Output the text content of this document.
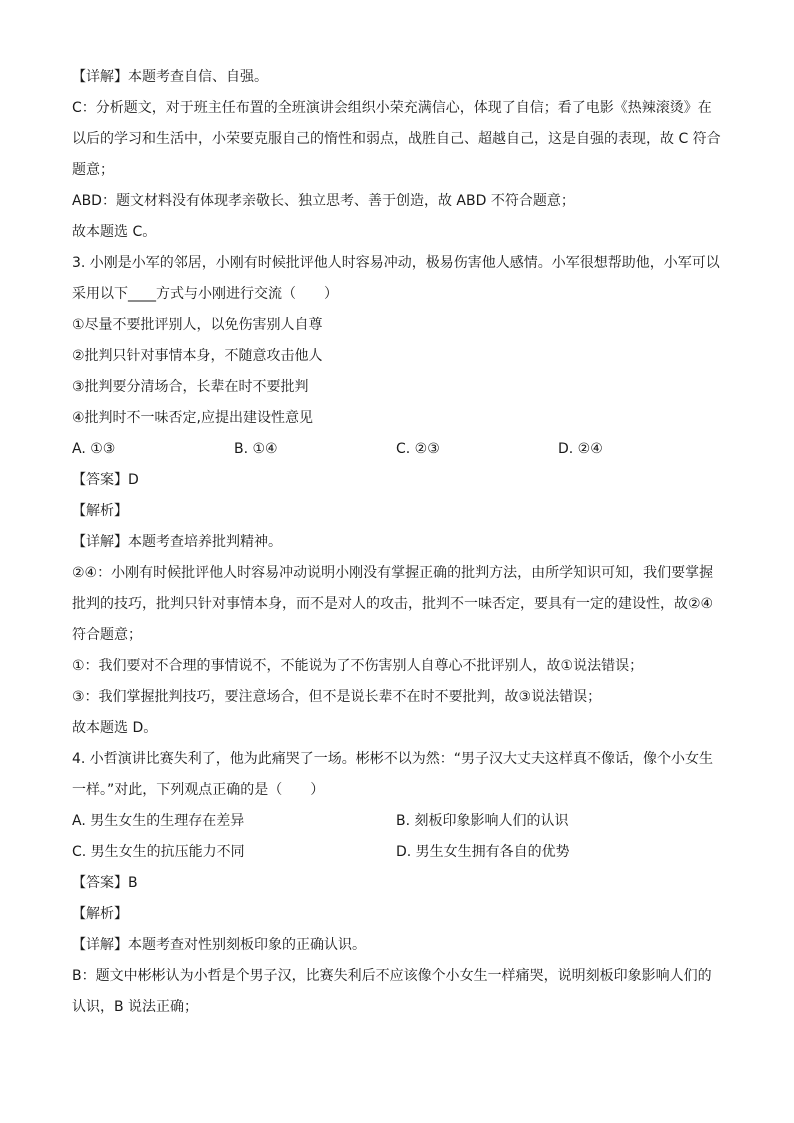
【详解】本题考查自信、自强。
C：分析题文，对于班主任布置的全班演讲会组织小荣充满信心，体现了自信；看了电影《热辣滚烫》在
以后的学习和生活中，小荣要克服自己的惰性和弱点，战胜自己、超越自己，这是自强的表现，故 C 符合
题意；
ABD：题文材料没有体现孝亲敬长、独立思考、善于创造，故 ABD 不符合题意；
故本题选 C。
3. 小刚是小军的邻居，小刚有时候批评他人时容易冲动，极易伤害他人感情。小军很想帮助他，小军可以
采用以下____方式与小刚进行交流（　　）
①尽量不要批评别人，以免伤害别人自尊
②批判只针对事情本身，不随意攻击他人
③批判要分清场合，长辈在时不要批判
④批判时不一味否定,应提出建设性意见
A. ①③	B. ①④	C. ②③	D. ②④
【答案】D
【解析】
【详解】本题考查培养批判精神。
②④：小刚有时候批评他人时容易冲动说明小刚没有掌握正确的批判方法，由所学知识可知，我们要掌握
批判的技巧，批判只针对事情本身，而不是对人的攻击，批判不一味否定，要具有一定的建设性，故②④
符合题意；
①：我们要对不合理的事情说不，不能说为了不伤害别人自尊心不批评别人，故①说法错误；
③：我们掌握批判技巧，要注意场合，但不是说长辈不在时不要批判，故③说法错误；
故本题选 D。
4. 小哲演讲比赛失利了，他为此痛哭了一场。彬彬不以为然：“男子汉大丈夫这样真不像话，像个小女生
一样。”对此，下列观点正确的是（　　）
A. 男生女生的生理存在差异	B. 刻板印象影响人们的认识
C. 男生女生的抗压能力不同	D. 男生女生拥有各自的优势
【答案】B
【解析】
【详解】本题考查对性别刻板印象的正确认识。
B：题文中彬彬认为小哲是个男子汉，比赛失利后不应该像个小女生一样痛哭，说明刻板印象影响人们的
认识，B 说法正确；
